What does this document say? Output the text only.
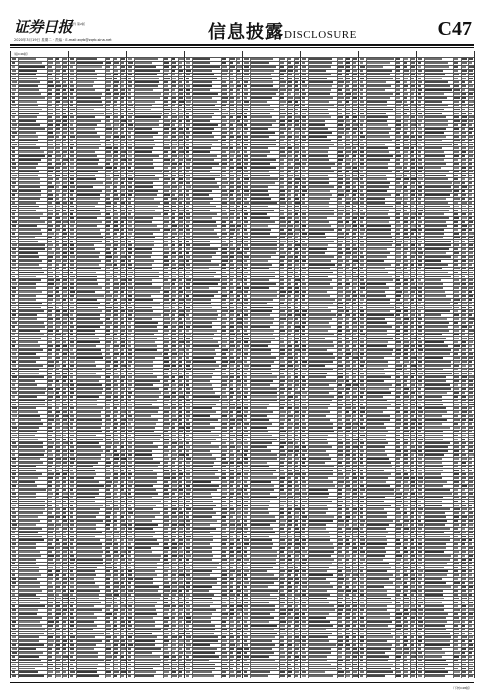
证券日报
副刊 第2版
2020年3月19日 星期二 · 责编 · E-mail:zqrb@zqrb.sina.net	信息披露DISCLOSURE	C47
（接C46版）
（下转C48版）
